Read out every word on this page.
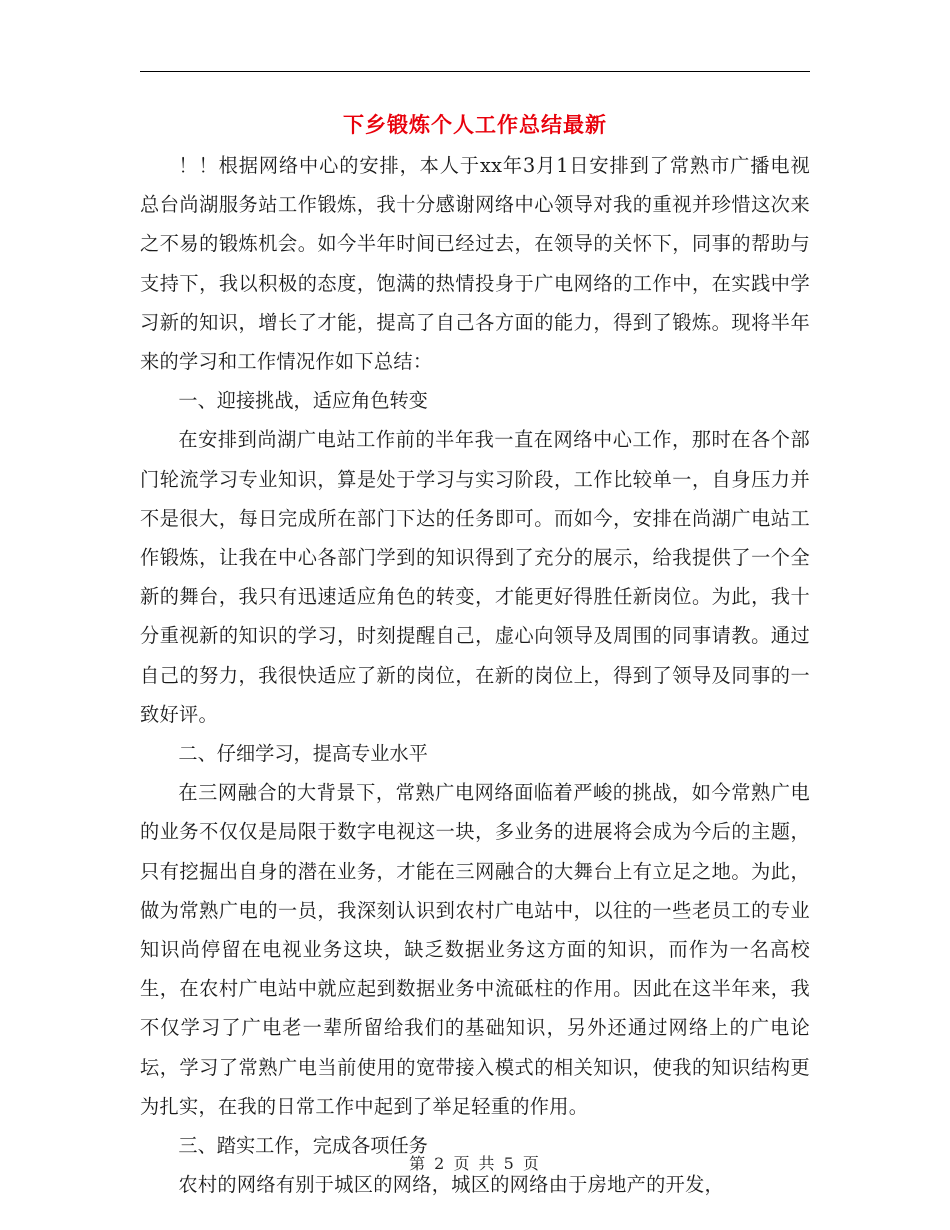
下乡锻炼个人工作总结最新

！！根据网络中心的安排，本人于xx年3月1日安排到了常熟市广播电视总台尚湖服务站工作锻炼，我十分感谢网络中心领导对我的重视并珍惜这次来之不易的锻炼机会。如今半年时间已经过去，在领导的关怀下，同事的帮助与支持下，我以积极的态度，饱满的热情投身于广电网络的工作中，在实践中学习新的知识，增长了才能，提高了自己各方面的能力，得到了锻炼。现将半年来的学习和工作情况作如下总结：

一、迎接挑战，适应角色转变

在安排到尚湖广电站工作前的半年我一直在网络中心工作，那时在各个部门轮流学习专业知识，算是处于学习与实习阶段，工作比较单一，自身压力并不是很大，每日完成所在部门下达的任务即可。而如今，安排在尚湖广电站工作锻炼，让我在中心各部门学到的知识得到了充分的展示，给我提供了一个全新的舞台，我只有迅速适应角色的转变，才能更好得胜任新岗位。为此，我十分重视新的知识的学习，时刻提醒自己，虚心向领导及周围的同事请教。通过自己的努力，我很快适应了新的岗位，在新的岗位上，得到了领导及同事的一致好评。

二、仔细学习，提高专业水平

在三网融合的大背景下，常熟广电网络面临着严峻的挑战，如今常熟广电的业务不仅仅是局限于数字电视这一块，多业务的进展将会成为今后的主题，只有挖掘出自身的潜在业务，才能在三网融合的大舞台上有立足之地。为此，做为常熟广电的一员，我深刻认识到农村广电站中，以往的一些老员工的专业知识尚停留在电视业务这块，缺乏数据业务这方面的知识，而作为一名高校生，在农村广电站中就应起到数据业务中流砥柱的作用。因此在这半年来，我不仅学习了广电老一辈所留给我们的基础知识，另外还通过网络上的广电论坛，学习了常熟广电当前使用的宽带接入模式的相关知识，使我的知识结构更为扎实，在我的日常工作中起到了举足轻重的作用。

三、踏实工作，完成各项任务

农村的网络有别于城区的网络，城区的网络由于房地产的开发，

第 2 页 共 5 页
